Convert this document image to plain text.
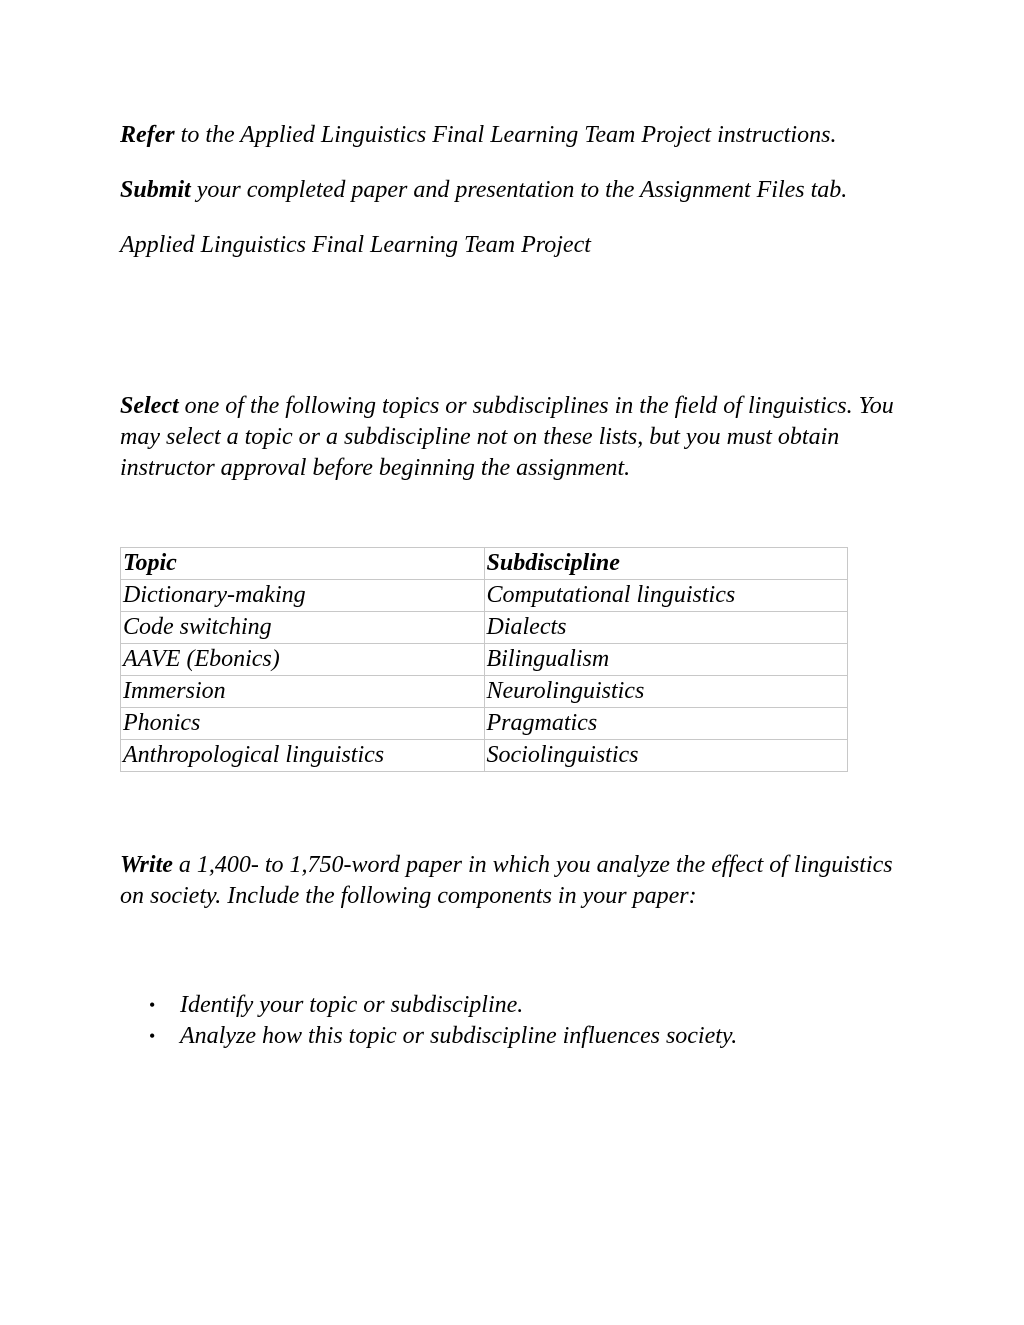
Refer to the Applied Linguistics Final Learning Team Project instructions.

Submit your completed paper and presentation to the Assignment Files tab.

Applied Linguistics Final Learning Team Project

Select one of the following topics or subdisciplines in the field of linguistics. You may select a topic or a subdiscipline not on these lists, but you must obtain instructor approval before beginning the assignment.

Topic	Subdiscipline
Dictionary-making	Computational linguistics
Code switching	Dialects
AAVE (Ebonics)	Bilingualism
Immersion	Neurolinguistics
Phonics	Pragmatics
Anthropological linguistics	Sociolinguistics

Write a 1,400- to 1,750-word paper in which you analyze the effect of linguistics on society. Include the following components in your paper:

• Identify your topic or subdiscipline.
• Analyze how this topic or subdiscipline influences society.
